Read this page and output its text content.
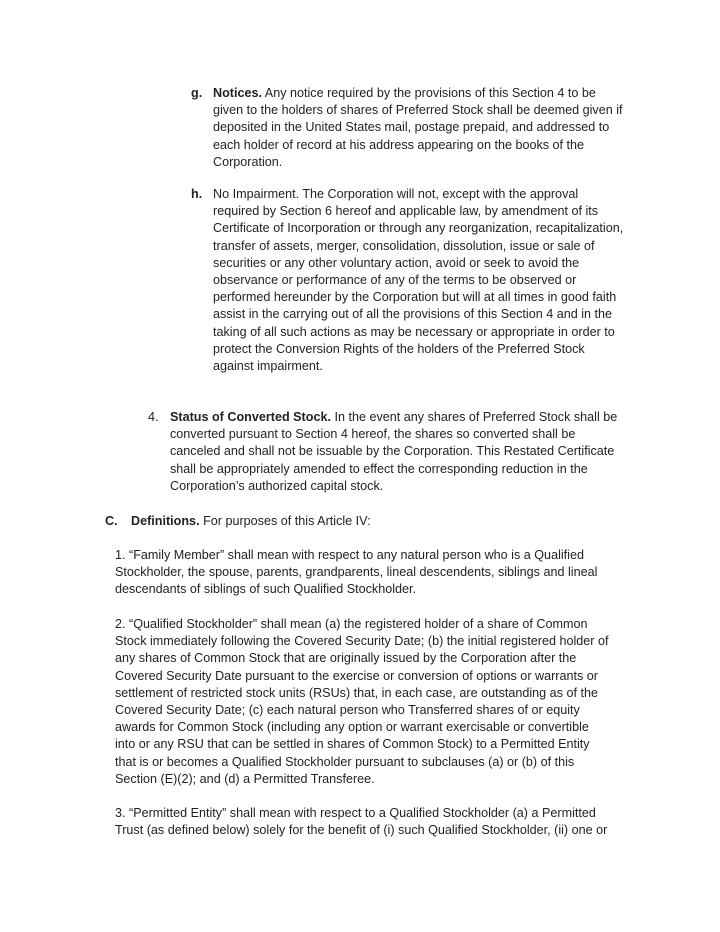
g. Notices. Any notice required by the provisions of this Section 4 to be
given to the holders of shares of Preferred Stock shall be deemed given if
deposited in the United States mail, postage prepaid, and addressed to
each holder of record at his address appearing on the books of the
Corporation.
h. No Impairment. The Corporation will not, except with the approval
required by Section 6 hereof and applicable law, by amendment of its
Certificate of Incorporation or through any reorganization, recapitalization,
transfer of assets, merger, consolidation, dissolution, issue or sale of
securities or any other voluntary action, avoid or seek to avoid the
observance or performance of any of the terms to be observed or
performed hereunder by the Corporation but will at all times in good faith
assist in the carrying out of all the provisions of this Section 4 and in the
taking of all such actions as may be necessary or appropriate in order to
protect the Conversion Rights of the holders of the Preferred Stock
against impairment.
4. Status of Converted Stock. In the event any shares of Preferred Stock shall be
converted pursuant to Section 4 hereof, the shares so converted shall be
canceled and shall not be issuable by the Corporation. This Restated Certificate
shall be appropriately amended to effect the corresponding reduction in the
Corporation’s authorized capital stock.
C. Definitions. For purposes of this Article IV:
1. “Family Member” shall mean with respect to any natural person who is a Qualified
Stockholder, the spouse, parents, grandparents, lineal descendents, siblings and lineal
descendants of siblings of such Qualified Stockholder.
2. “Qualified Stockholder” shall mean (a) the registered holder of a share of Common
Stock immediately following the Covered Security Date; (b) the initial registered holder of
any shares of Common Stock that are originally issued by the Corporation after the
Covered Security Date pursuant to the exercise or conversion of options or warrants or
settlement of restricted stock units (RSUs) that, in each case, are outstanding as of the
Covered Security Date; (c) each natural person who Transferred shares of or equity
awards for Common Stock (including any option or warrant exercisable or convertible
into or any RSU that can be settled in shares of Common Stock) to a Permitted Entity
that is or becomes a Qualified Stockholder pursuant to subclauses (a) or (b) of this
Section (E)(2); and (d) a Permitted Transferee.
3. “Permitted Entity” shall mean with respect to a Qualified Stockholder (a) a Permitted
Trust (as defined below) solely for the benefit of (i) such Qualified Stockholder, (ii) one or
